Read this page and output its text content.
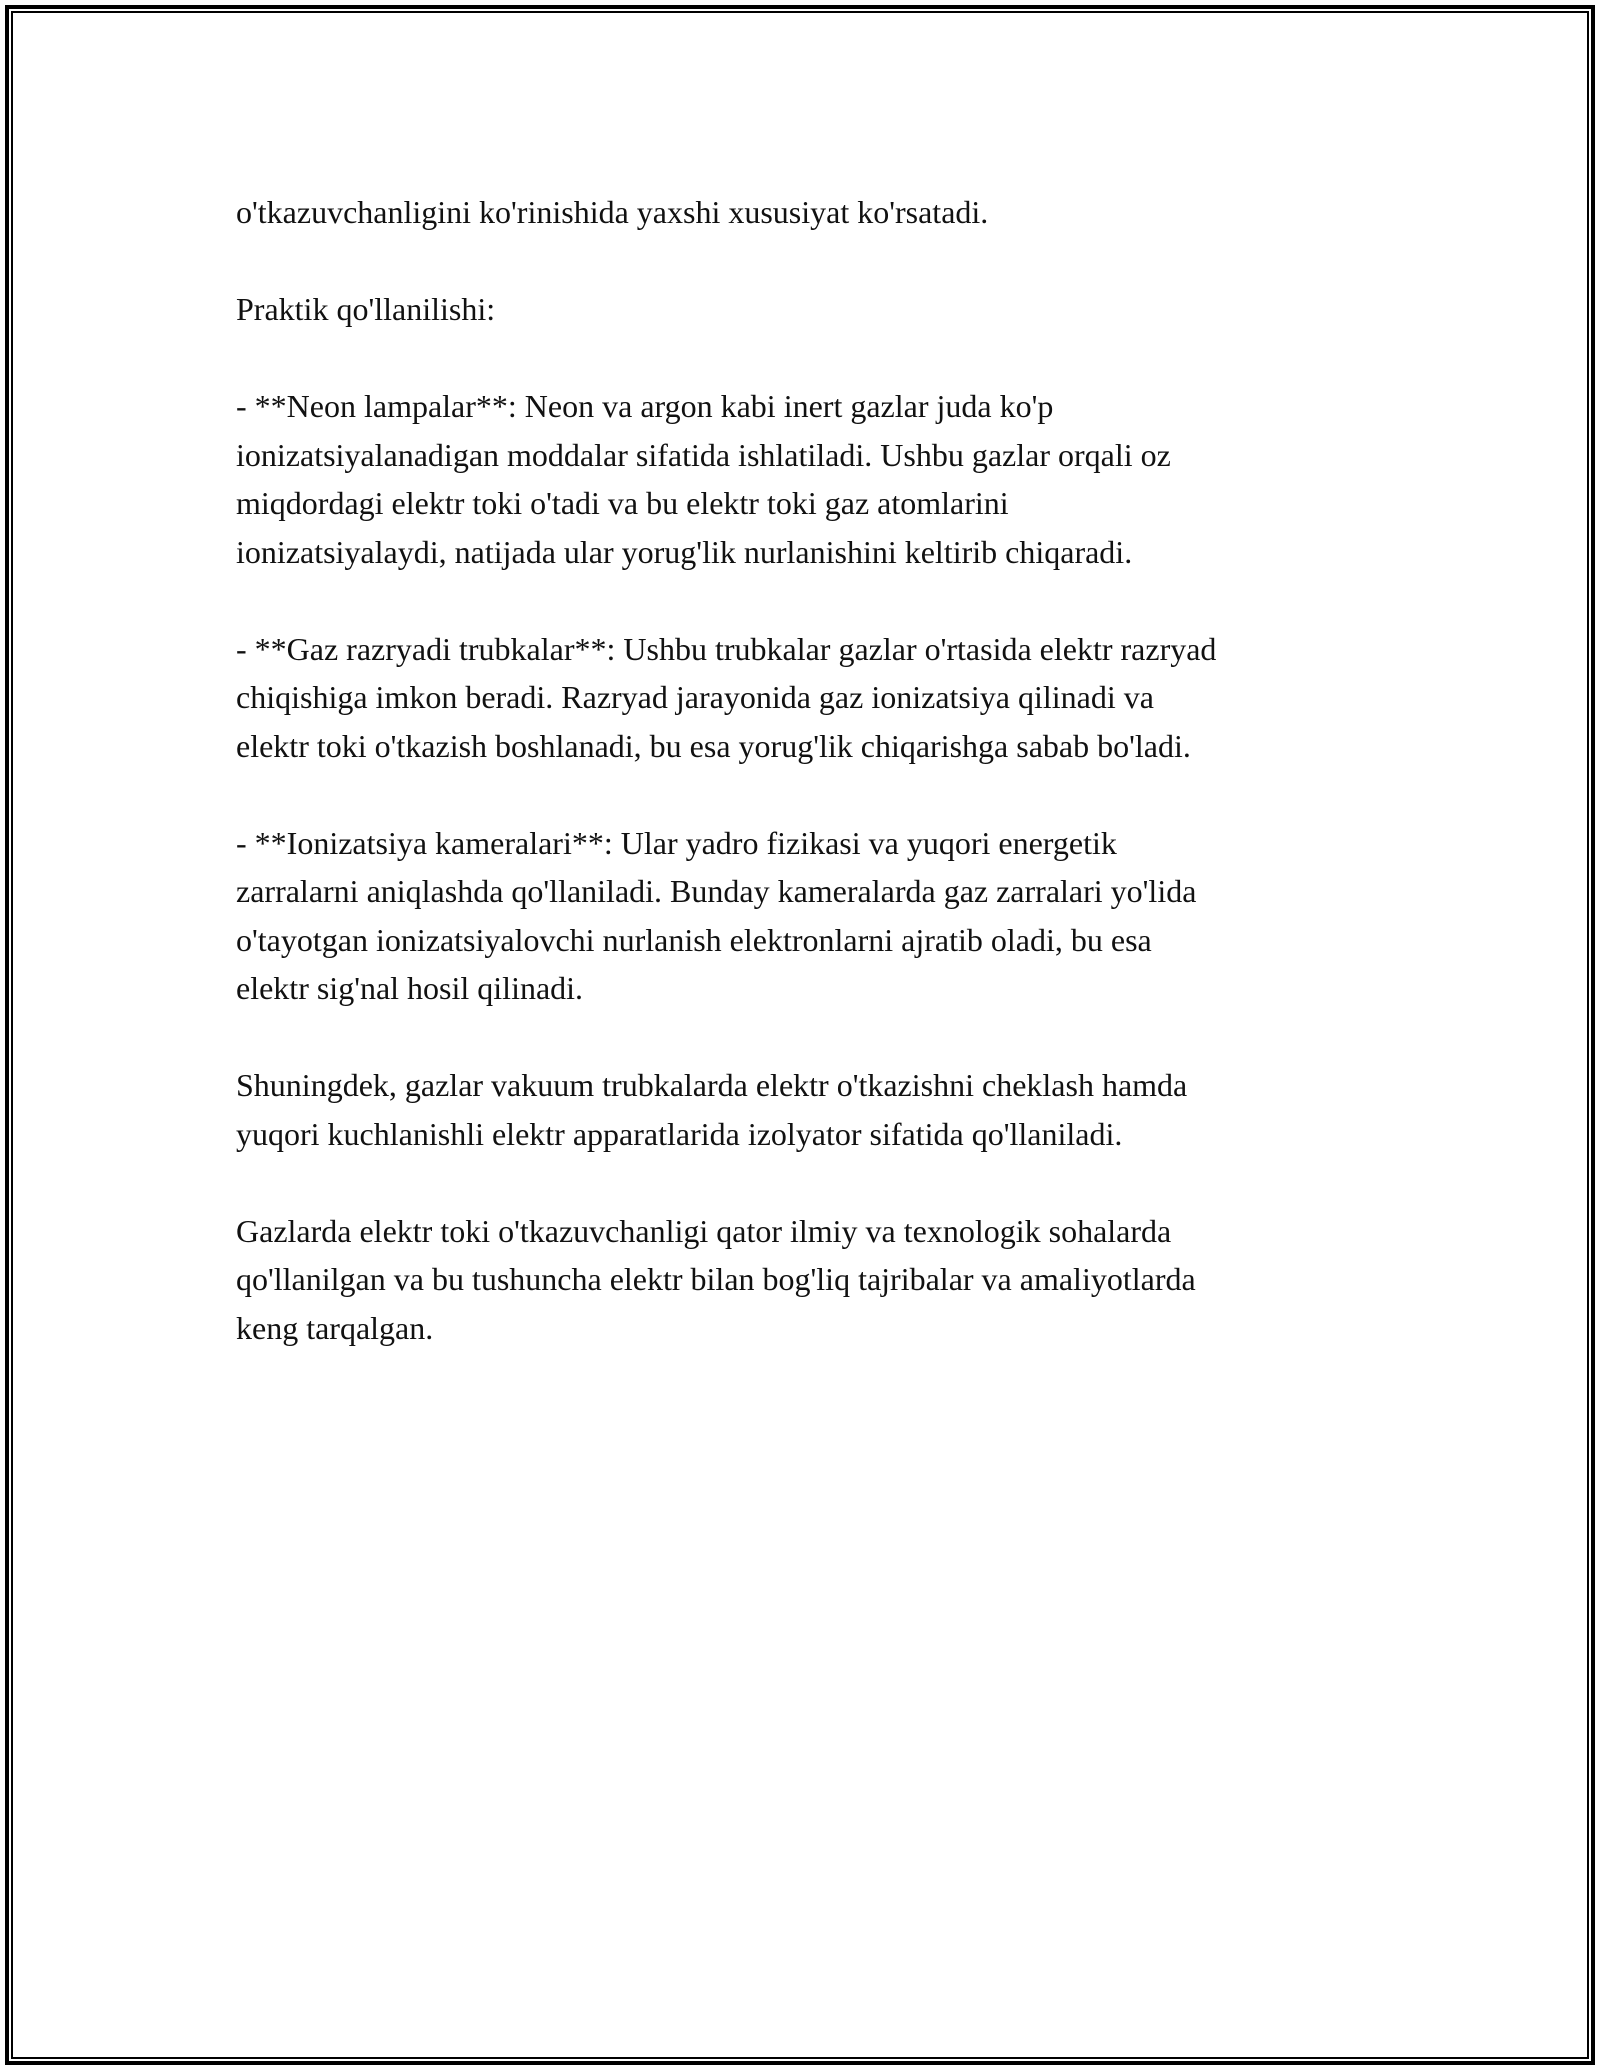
o'tkazuvchanligini ko'rinishida yaxshi xususiyat ko'rsatadi.

Praktik qo'llanilishi:

- **Neon lampalar**: Neon va argon kabi inert gazlar juda ko'p
ionizatsiyalanadigan moddalar sifatida ishlatiladi. Ushbu gazlar orqali oz
miqdordagi elektr toki o'tadi va bu elektr toki gaz atomlarini
ionizatsiyalaydi, natijada ular yorug'lik nurlanishini keltirib chiqaradi.

- **Gaz razryadi trubkalar**: Ushbu trubkalar gazlar o'rtasida elektr razryad
chiqishiga imkon beradi. Razryad jarayonida gaz ionizatsiya qilinadi va
elektr toki o'tkazish boshlanadi, bu esa yorug'lik chiqarishga sabab bo'ladi.

- **Ionizatsiya kameralari**: Ular yadro fizikasi va yuqori energetik
zarralarni aniqlashda qo'llaniladi. Bunday kameralarda gaz zarralari yo'lida
o'tayotgan ionizatsiyalovchi nurlanish elektronlarni ajratib oladi, bu esa
elektr sig'nal hosil qilinadi.

Shuningdek, gazlar vakuum trubkalarda elektr o'tkazishni cheklash hamda
yuqori kuchlanishli elektr apparatlarida izolyator sifatida qo'llaniladi.

Gazlarda elektr toki o'tkazuvchanligi qator ilmiy va texnologik sohalarda
qo'llanilgan va bu tushuncha elektr bilan bog'liq tajribalar va amaliyotlarda
keng tarqalgan.
